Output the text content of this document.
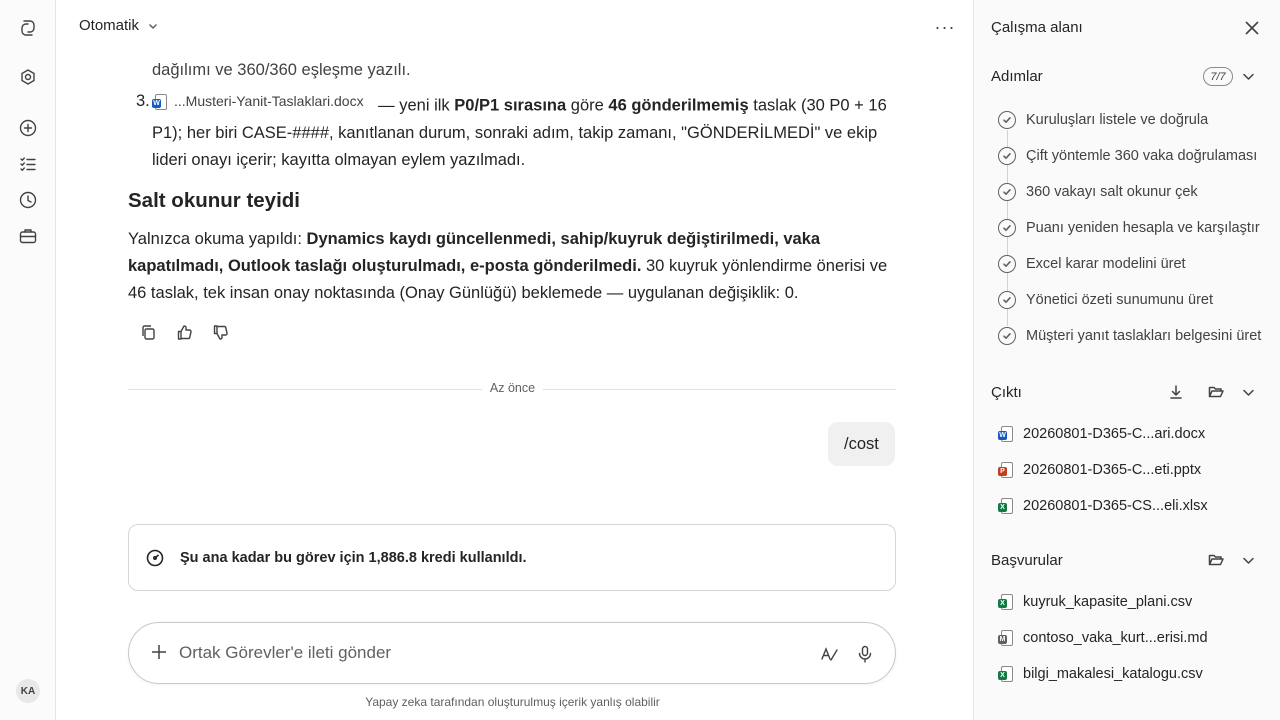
KA
Otomatik	···
dağılımı ve 360/360 eşleşme yazılı.
3. W ...Musteri-Yanit-Taslaklari.docx — yeni ilk P0/P1 sırasına göre 46 gönderilmemiş taslak (30 P0 + 16 P1); her biri CASE-####, kanıtlanan durum, sonraki adım, takip zamanı, "GÖNDERİLMEDİ" ve ekip lideri onayı içerir; kayıtta olmayan eylem yazılmadı.
Salt okunur teyidi
Yalnızca okuma yapıldı: Dynamics kaydı güncellenmedi, sahip/kuyruk değiştirilmedi, vaka kapatılmadı, Outlook taslağı oluşturulmadı, e-posta gönderilmedi. 30 kuyruk yönlendirme önerisi ve 46 taslak, tek insan onay noktasında (Onay Günlüğü) beklemede — uygulanan değişiklik: 0.
Az önce
/cost
Şu ana kadar bu görev için 1,886.8 kredi kullanıldı.
Ortak Görevler'e ileti gönder
Yapay zeka tarafından oluşturulmuş içerik yanlış olabilir
Çalışma alanı
Adımlar	7/7
Kuruluşları listele ve doğrula
Çift yöntemle 360 vaka doğrulaması
360 vakayı salt okunur çek
Puanı yeniden hesapla ve karşılaştır
Excel karar modelini üret
Yönetici özeti sunumunu üret
Müşteri yanıt taslakları belgesini üret
Çıktı
W 20260801-D365-C...ari.docx
P 20260801-D365-C...eti.pptx
X 20260801-D365-CS...eli.xlsx
Başvurular
X kuyruk_kapasite_plani.csv
M contoso_vaka_kurt...erisi.md
X bilgi_makalesi_katalogu.csv
